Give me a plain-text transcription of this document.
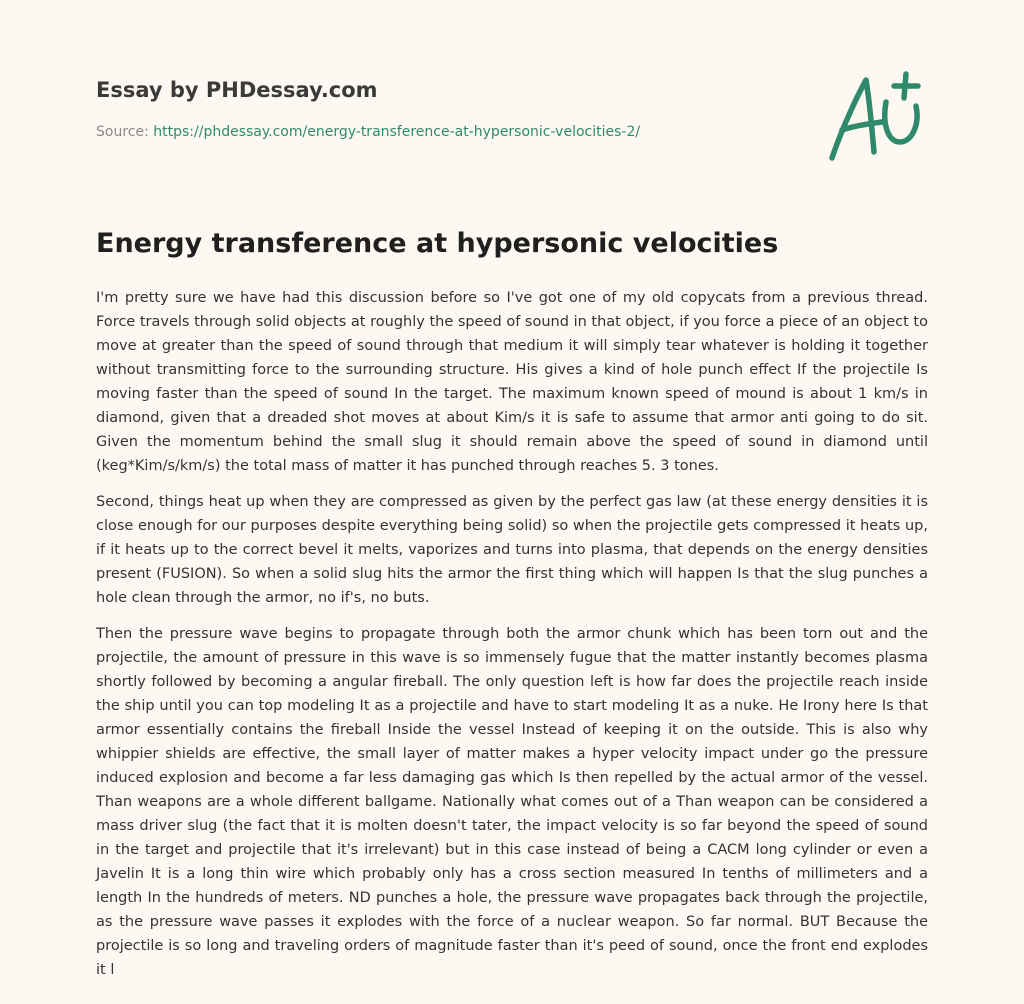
Essay by PHDessay.com
Source: https://phdessay.com/energy-transference-at-hypersonic-velocities-2/
Energy transference at hypersonic velocities

I'm pretty sure we have had this discussion before so I've got one of my old copycats from a previous thread. Force travels through solid objects at roughly the speed of sound in that object, if you force a piece of an object to move at greater than the speed of sound through that medium it will simply tear whatever is holding it together without transmitting force to the surrounding structure. His gives a kind of hole punch effect If the projectile Is moving faster than the speed of sound In the target. The maximum known speed of mound is about 1 km/s in diamond, given that a dreaded shot moves at about Kim/s it is safe to assume that armor anti going to do sit. Given the momentum behind the small slug it should remain above the speed of sound in diamond until (keg*Kim/s/km/s) the total mass of matter it has punched through reaches 5. 3 tones.

Second, things heat up when they are compressed as given by the perfect gas law (at these energy densities it is close enough for our purposes despite everything being solid) so when the projectile gets compressed it heats up, if it heats up to the correct bevel it melts, vaporizes and turns into plasma, that depends on the energy densities present (FUSION). So when a solid slug hits the armor the first thing which will happen Is that the slug punches a hole clean through the armor, no if's, no buts.

Then the pressure wave begins to propagate through both the armor chunk which has been torn out and the projectile, the amount of pressure in this wave is so immensely fugue that the matter instantly becomes plasma shortly followed by becoming a angular fireball. The only question left is how far does the projectile reach inside the ship until you can top modeling It as a projectile and have to start modeling It as a nuke. He Irony here Is that armor essentially contains the fireball Inside the vessel Instead of keeping it on the outside. This is also why whippier shields are effective, the small layer of matter makes a hyper velocity impact under go the pressure induced explosion and become a far less damaging gas which Is then repelled by the actual armor of the vessel. Than weapons are a whole different ballgame. Nationally what comes out of a Than weapon can be considered a mass driver slug (the fact that it is molten doesn't tater, the impact velocity is so far beyond the speed of sound in the target and projectile that it's irrelevant) but in this case instead of being a CACM long cylinder or even a Javelin It is a long thin wire which probably only has a cross section measured In tenths of millimeters and a length In the hundreds of meters. ND punches a hole, the pressure wave propagates back through the projectile, as the pressure wave passes it explodes with the force of a nuclear weapon. So far normal. BUT Because the projectile is so long and traveling orders of magnitude faster than it's peed of sound, once the front end explodes it l
